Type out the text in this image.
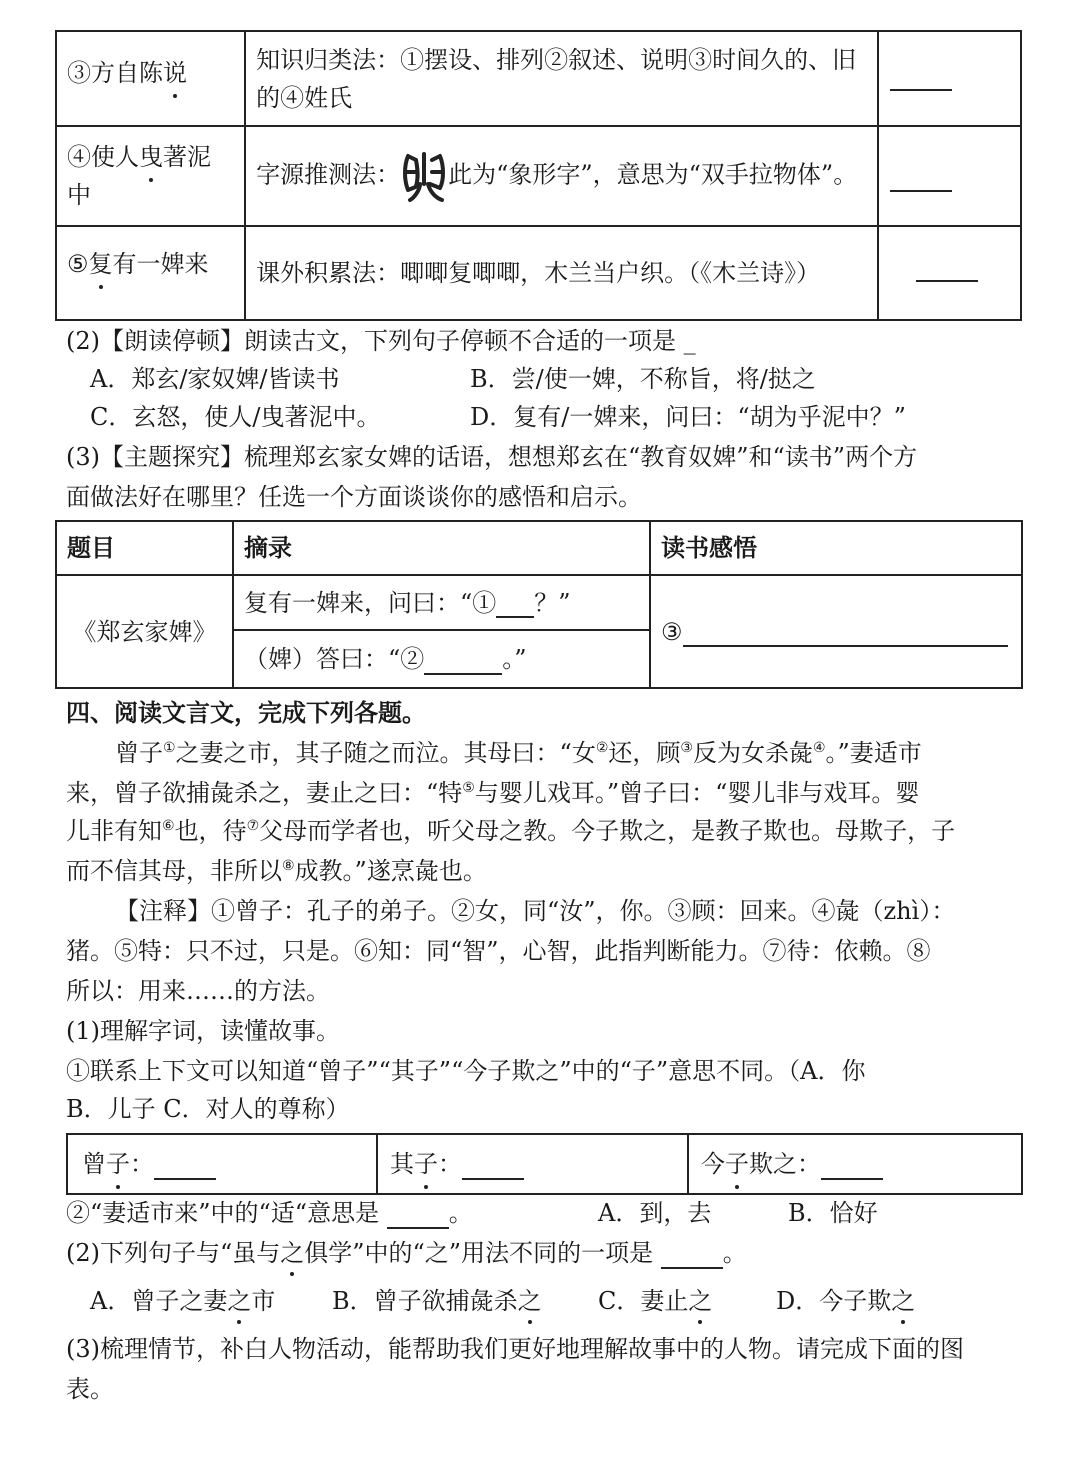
③方自陈说	知识归类法：①摆设、排列②叙述、说明③时间久的、旧
的④姓氏	

④使人曳著泥
中	字源推测法： 此为“象形字”，意思为“双手拉物体”。	
⑤复有一婢来	课外积累法：唧唧复唧唧，木兰当户织。（《木兰诗》）	
(2)【朗读停顿】朗读古文，下列句子停顿不合适的一项是 _
A．郑玄/家奴婢/皆读书	B．尝/使一婢，不称旨，将/挞之
C．玄怒，使人/曳著泥中。	D．复有/一婢来，问曰：“胡为乎泥中？”
(3)【主题探究】梳理郑玄家女婢的话语，想想郑玄在“教育奴婢”和“读书”两个方
面做法好在哪里？任选一个方面谈谈你的感悟和启示。
题目	摘录	读书感悟
《郑玄家婢》	复有一婢来，问曰：“① ？”	③
	（婢）答曰：“② 。”	
四、阅读文言文，完成下列各题。
曾子①之妻之市，其子随之而泣。其母曰：“女②还，顾③反为女杀彘④。”妻适市
来，曾子欲捕彘杀之，妻止之曰：“特⑤与婴儿戏耳。”曾子曰：“婴儿非与戏耳。婴
儿非有知⑥也，待⑦父母而学者也，听父母之教。今子欺之，是教子欺也。母欺子，子
而不信其母，非所以⑧成教。”遂烹彘也。
【注释】①曾子：孔子的弟子。②女，同“汝”，你。③顾：回来。④彘（zhì）：
猪。⑤特：只不过，只是。⑥知：同“智”，心智，此指判断能力。⑦待：依赖。⑧
所以：用来……的方法。
(1)理解字词，读懂故事。
①联系上下文可以知道“曾子”“其子”“今子欺之”中的“子”意思不同。（A．你
B．儿子 C．对人的尊称）
曾子：	其子：	今子欺之：
②“妻适市来”中的“适“意思是	。	A．到，去	B．恰好
(2)下列句子与“虽与之俱学”中的“之”用法不同的一项是	。
A．曾子之妻之市 B．曾子欲捕彘杀之 C．妻止之	D．今子欺之
(3)梳理情节，补白人物活动，能帮助我们更好地理解故事中的人物。请完成下面的图
表。
